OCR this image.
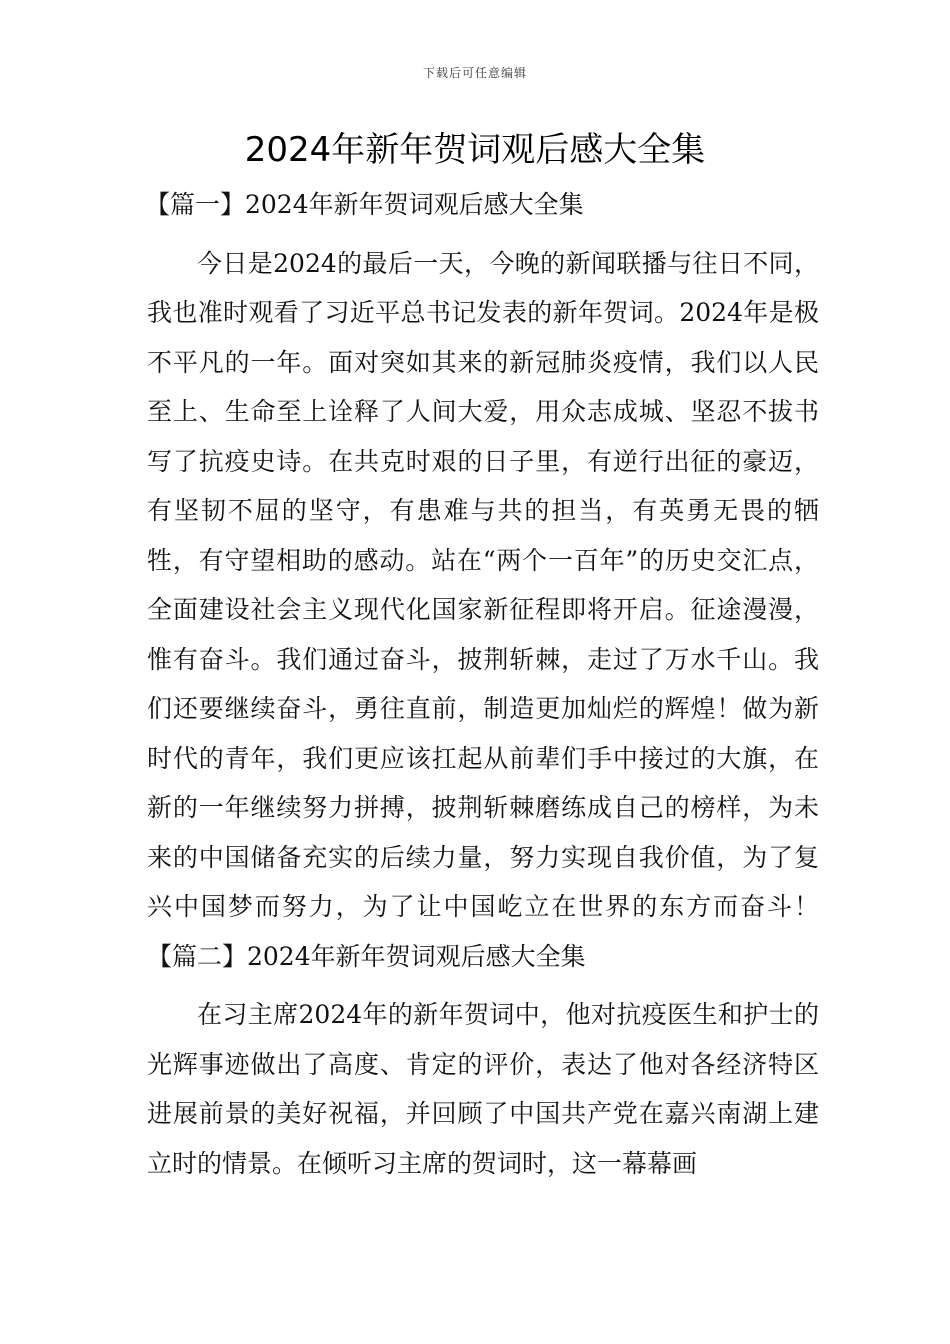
下载后可任意编辑
2024年新年贺词观后感大全集
【篇一】2024年新年贺词观后感大全集

今日是2024的最后一天，今晚的新闻联播与往日不同，我也准时观看了习近平总书记发表的新年贺词。2024年是极不平凡的一年。面对突如其来的新冠肺炎疫情，我们以人民至上、生命至上诠释了人间大爱，用众志成城、坚忍不拔书写了抗疫史诗。在共克时艰的日子里，有逆行出征的豪迈，有坚韧不屈的坚守，有患难与共的担当，有英勇无畏的牺牲，有守望相助的感动。站在“两个一百年”的历史交汇点，全面建设社会主义现代化国家新征程即将开启。征途漫漫，惟有奋斗。我们通过奋斗，披荆斩棘，走过了万水千山。我们还要继续奋斗，勇往直前，制造更加灿烂的辉煌！做为新时代的青年，我们更应该扛起从前辈们手中接过的大旗，在新的一年继续努力拼搏，披荆斩棘磨练成自己的榜样，为未来的中国储备充实的后续力量，努力实现自我价值，为了复兴中国梦而努力，为了让中国屹立在世界的东方而奋斗！ 【篇二】2024年新年贺词观后感大全集

在习主席2024年的新年贺词中，他对抗疫医生和护士的光辉事迹做出了高度、肯定的评价，表达了他对各经济特区进展前景的美好祝福，并回顾了中国共产党在嘉兴南湖上建立时的情景。在倾听习主席的贺词时，这一幕幕画
